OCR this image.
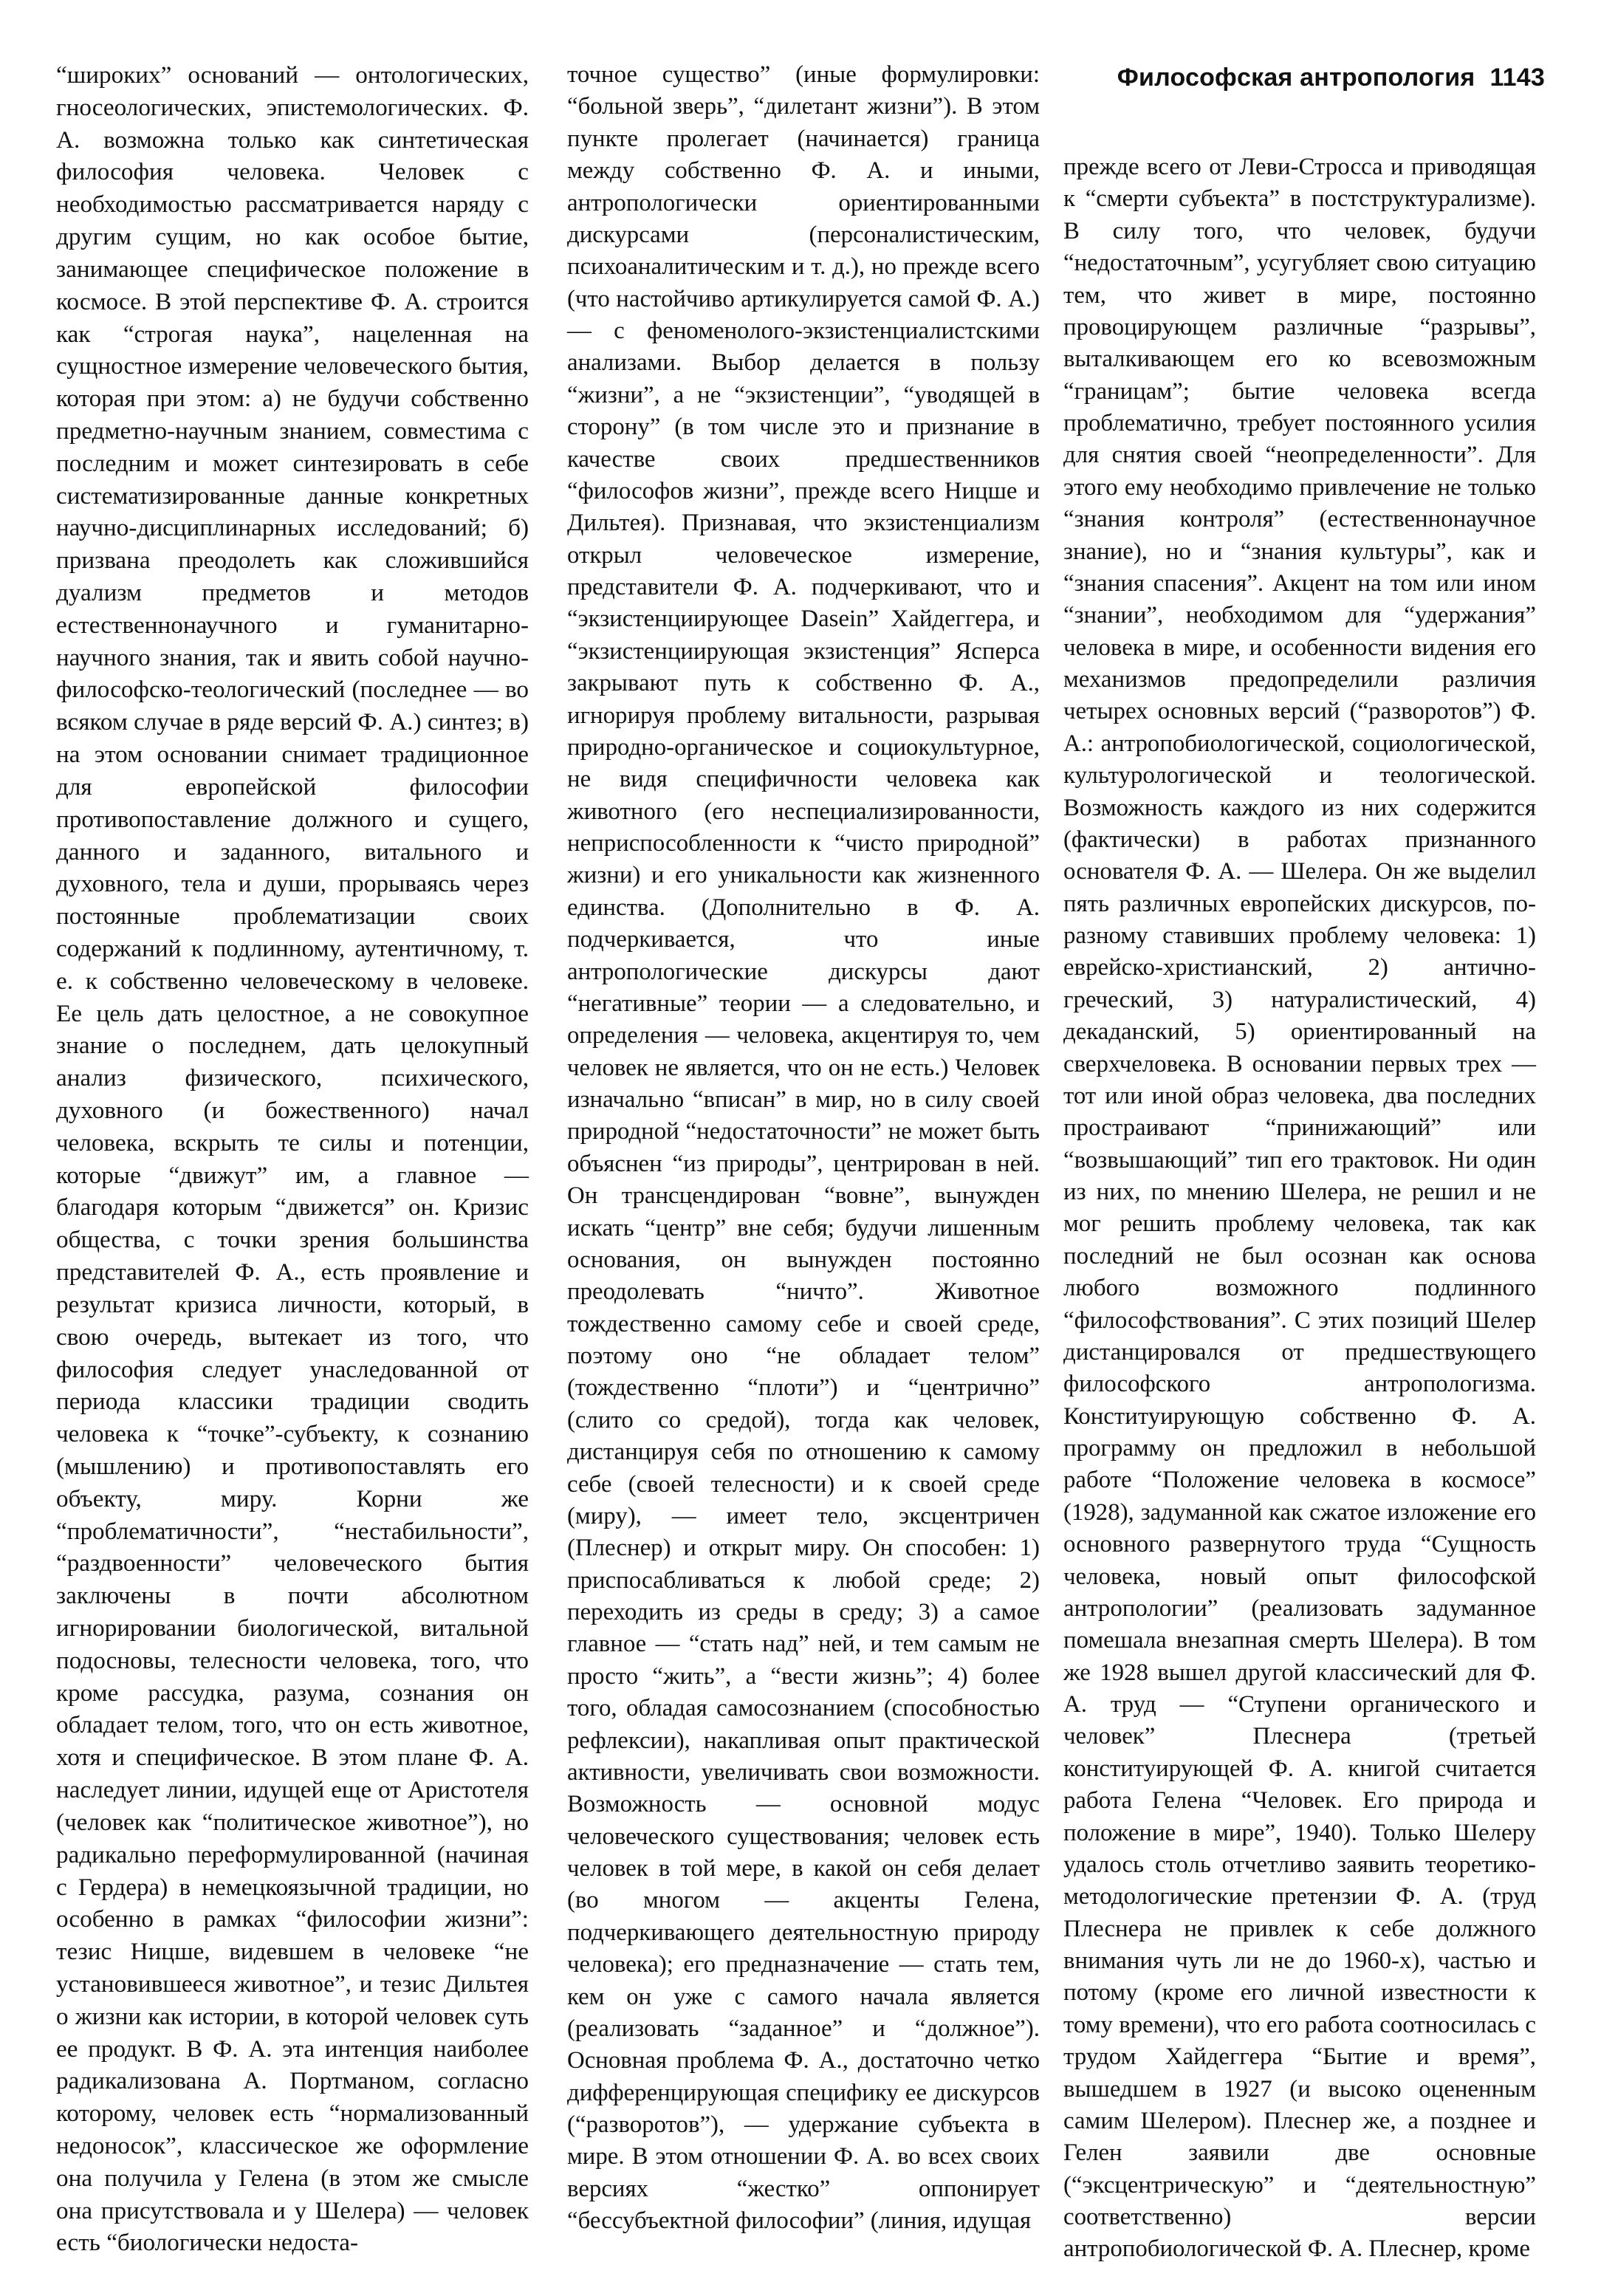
Философская антропология 1143

“широких” оснований — онтологических, гносеологических, эпистемологических. Ф. А. возможна только как синтетическая философия человека. Человек с необходимостью рассматривается наряду с другим сущим, но как особое бытие, занимающее специфическое положение в космосе. В этой перспективе Ф. А. строится как “строгая наука”, нацеленная на сущностное измерение человеческого бытия, которая при этом: а) не будучи собственно предметно-научным знанием, совместима с последним и может синтезировать в себе систематизированные данные конкретных научно-дисциплинарных исследований; б) призвана преодолеть как сложившийся дуализм предметов и методов естественнонаучного и гуманитарно-научного знания, так и явить собой научно-философско-теологический (последнее — во всяком случае в ряде версий Ф. А.) синтез; в) на этом основании снимает традиционное для европейской философии противопоставление должного и сущего, данного и заданного, витального и духовного, тела и души, прорываясь через постоянные проблематизации своих содержаний к подлинному, аутентичному, т. е. к собственно человеческому в человеке. Ее цель дать целостное, а не совокупное знание о последнем, дать целокупный анализ физического, психического, духовного (и божественного) начал человека, вскрыть те силы и потенции, которые “движут” им, а главное — благодаря которым “движется” он. Кризис общества, с точки зрения большинства представителей Ф. А., есть проявление и результат кризиса личности, который, в свою очередь, вытекает из того, что философия следует унаследованной от периода классики традиции сводить человека к “точке”-субъекту, к сознанию (мышлению) и противопоставлять его объекту, миру. Корни же “проблематичности”, “нестабильности”, “раздвоенности” человеческого бытия заключены в почти абсолютном игнорировании биологической, витальной подосновы, телесности человека, того, что кроме рассудка, разума, сознания он обладает телом, того, что он есть животное, хотя и специфическое. В этом плане Ф. А. наследует линии, идущей еще от Аристотеля (человек как “политическое животное”), но радикально переформулированной (начиная с Гердера) в немецкоязычной традиции, но особенно в рамках “философии жизни”: тезис Ницше, видевшем в человеке “не установившееся животное”, и тезис Дильтея о жизни как истории, в которой человек суть ее продукт. В Ф. А. эта интенция наиболее радикализована А. Портманом, согласно которому, человек есть “нормализованный недоносок”, классическое же оформление она получила у Гелена (в этом же смысле она присутствовала и у Шелера) — человек есть “биологически недоста-

точное существо” (иные формулировки: “больной зверь”, “дилетант жизни”). В этом пункте пролегает (начинается) граница между собственно Ф. А. и иными, антропологически ориентированными дискурсами (персоналистическим, психоаналитическим и т. д.), но прежде всего (что настойчиво артикулируется самой Ф. А.) — с феноменолого-экзистенциалистскими анализами. Выбор делается в пользу “жизни”, а не “экзистенции”, “уводящей в сторону” (в том числе это и признание в качестве своих предшественников “философов жизни”, прежде всего Ницше и Дильтея). Признавая, что экзистенциализм открыл человеческое измерение, представители Ф. А. подчеркивают, что и “экзистенциирующее Dasein” Хайдеггера, и “экзистенциирующая экзистенция” Ясперса закрывают путь к собственно Ф. А., игнорируя проблему витальности, разрывая природно-органическое и социокультурное, не видя специфичности человека как животного (его неспециализированности, неприспособленности к “чисто природной” жизни) и его уникальности как жизненного единства. (Дополнительно в Ф. А. подчеркивается, что иные антропологические дискурсы дают “негативные” теории — а следовательно, и определения — человека, акцентируя то, чем человек не является, что он не есть.) Человек изначально “вписан” в мир, но в силу своей природной “недостаточности” не может быть объяснен “из природы”, центрирован в ней. Он трансцендирован “вовне”, вынужден искать “центр” вне себя; будучи лишенным основания, он вынужден постоянно преодолевать “ничто”. Животное тождественно самому себе и своей среде, поэтому оно “не обладает телом” (тождественно “плоти”) и “центрично” (слито со средой), тогда как человек, дистанцируя себя по отношению к самому себе (своей телесности) и к своей среде (миру), — имеет тело, эксцентричен (Плеснер) и открыт миру. Он способен: 1) приспосабливаться к любой среде; 2) переходить из среды в среду; 3) а самое главное — “стать над” ней, и тем самым не просто “жить”, а “вести жизнь”; 4) более того, обладая самосознанием (способностью рефлексии), накапливая опыт практической активности, увеличивать свои возможности. Возможность — основной модус человеческого существования; человек есть человек в той мере, в какой он себя делает (во многом — акценты Гелена, подчеркивающего деятельностную природу человека); его предназначение — стать тем, кем он уже с самого начала является (реализовать “заданное” и “должное”). Основная проблема Ф. А., достаточно четко дифференцирующая специфику ее дискурсов (“разворотов”), — удержание субъекта в мире. В этом отношении Ф. А. во всех своих версиях “жестко” оппонирует “бессубъектной философии” (линия, идущая

прежде всего от Леви-Стросса и приводящая к “смерти субъекта” в постструктурализме). В силу того, что человек, будучи “недостаточным”, усугубляет свою ситуацию тем, что живет в мире, постоянно провоцирующем различные “разрывы”, выталкивающем его ко всевозможным “границам”; бытие человека всегда проблематично, требует постоянного усилия для снятия своей “неопределенности”. Для этого ему необходимо привлечение не только “знания контроля” (естественнонаучное знание), но и “знания культуры”, как и “знания спасения”. Акцент на том или ином “знании”, необходимом для “удержания” человека в мире, и особенности видения его механизмов предопределили различия четырех основных версий (“разворотов”) Ф. А.: антропобиологической, социологической, культурологической и теологической. Возможность каждого из них содержится (фактически) в работах признанного основателя Ф. А. — Шелера. Он же выделил пять различных европейских дискурсов, по-разному ставивших проблему человека: 1) еврейско-христианский, 2) антично-греческий, 3) натуралистический, 4) декаданский, 5) ориентированный на сверхчеловека. В основании первых трех — тот или иной образ человека, два последних простраивают “принижающий” или “возвышающий” тип его трактовок. Ни один из них, по мнению Шелера, не решил и не мог решить проблему человека, так как последний не был осознан как основа любого возможного подлинного “философствования”. С этих позиций Шелер дистанцировался от предшествующего философского антропологизма. Конституирующую собственно Ф. А. программу он предложил в небольшой работе “Положение человека в космосе” (1928), задуманной как сжатое изложение его основного развернутого труда “Сущность человека, новый опыт философской антропологии” (реализовать задуманное помешала внезапная смерть Шелера). В том же 1928 вышел другой классический для Ф. А. труд — “Ступени органического и человек” Плеснера (третьей конституирующей Ф. А. книгой считается работа Гелена “Человек. Его природа и положение в мире”, 1940). Только Шелеру удалось столь отчетливо заявить теоретико-методологические претензии Ф. А. (труд Плеснера не привлек к себе должного внимания чуть ли не до 1960-х), частью и потому (кроме его личной известности к тому времени), что его работа соотносилась с трудом Хайдеггера “Бытие и время”, вышедшем в 1927 (и высоко оцененным самим Шелером). Плеснер же, а позднее и Гелен заявили две основные (“эксцентрическую” и “деятельностную” соответственно) версии антропобиологической Ф. А. Плеснер, кроме
